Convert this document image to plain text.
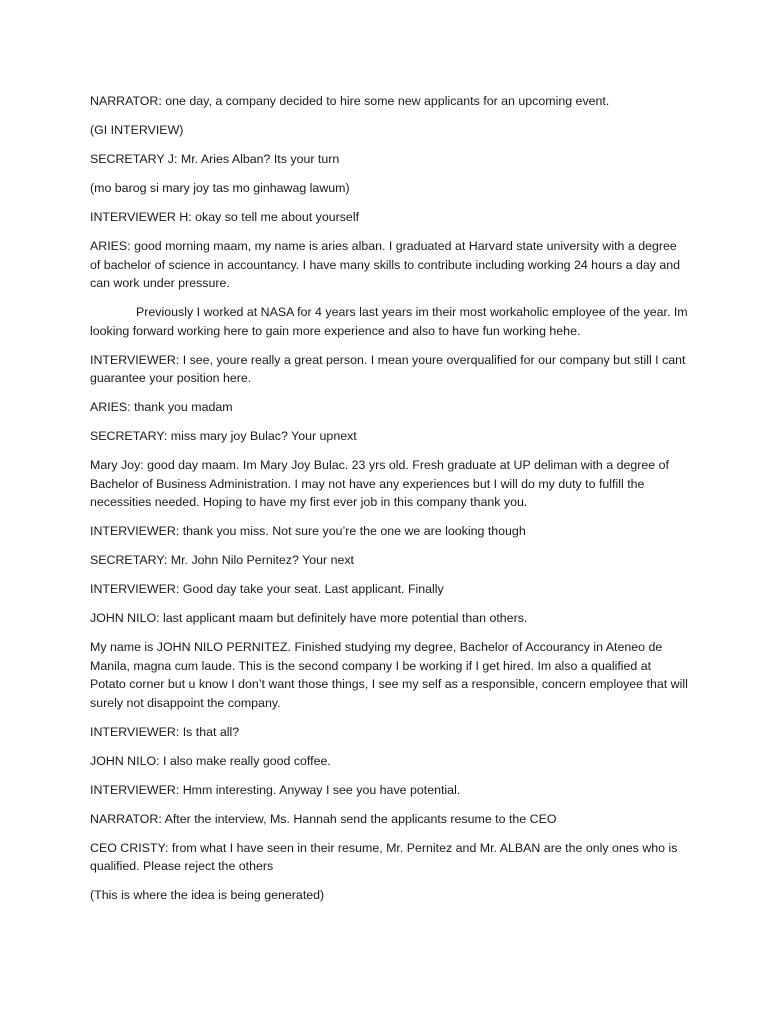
NARRATOR: one day, a company decided to hire some new applicants for an upcoming event.

(GI INTERVIEW)

SECRETARY J: Mr. Aries Alban? Its your turn

(mo barog si mary joy tas mo ginhawag lawum)

INTERVIEWER H: okay so tell me about yourself

ARIES: good morning maam, my name is aries alban. I graduated at Harvard state university with a degree of bachelor of science in accountancy. I have many skills to contribute including working 24 hours a day and can work under pressure.

Previously I worked at NASA for 4 years last years im their most workaholic employee of the year. Im looking forward working here to gain more experience and also to have fun working hehe.

INTERVIEWER: I see, youre really a great person. I mean youre overqualified for our company but still I cant guarantee your position here.

ARIES: thank you madam

SECRETARY: miss mary joy Bulac? Your upnext

Mary Joy: good day maam. Im Mary Joy Bulac. 23 yrs old. Fresh graduate at UP deliman with a degree of Bachelor of Business Administration. I may not have any experiences but I will do my duty to fulfill the necessities needed. Hoping to have my first ever job in this company thank you.

INTERVIEWER: thank you miss. Not sure you’re the one we are looking though

SECRETARY: Mr. John Nilo Pernitez? Your next

INTERVIEWER: Good day take your seat. Last applicant. Finally

JOHN NILO: last applicant maam but definitely have more potential than others.

My name is JOHN NILO PERNITEZ. Finished studying my degree, Bachelor of Accourancy in Ateneo de Manila, magna cum laude. This is the second company I be working if I get hired. Im also a qualified at Potato corner but u know I don’t want those things, I see my self as a responsible, concern employee that will surely not disappoint the company.

INTERVIEWER: Is that all?

JOHN NILO: I also make really good coffee.

INTERVIEWER: Hmm interesting. Anyway I see you have potential.

NARRATOR: After the interview, Ms. Hannah send the applicants resume to the CEO

CEO CRISTY: from what I have seen in their resume, Mr. Pernitez and Mr. ALBAN are the only ones who is qualified. Please reject the others

(This is where the idea is being generated)
